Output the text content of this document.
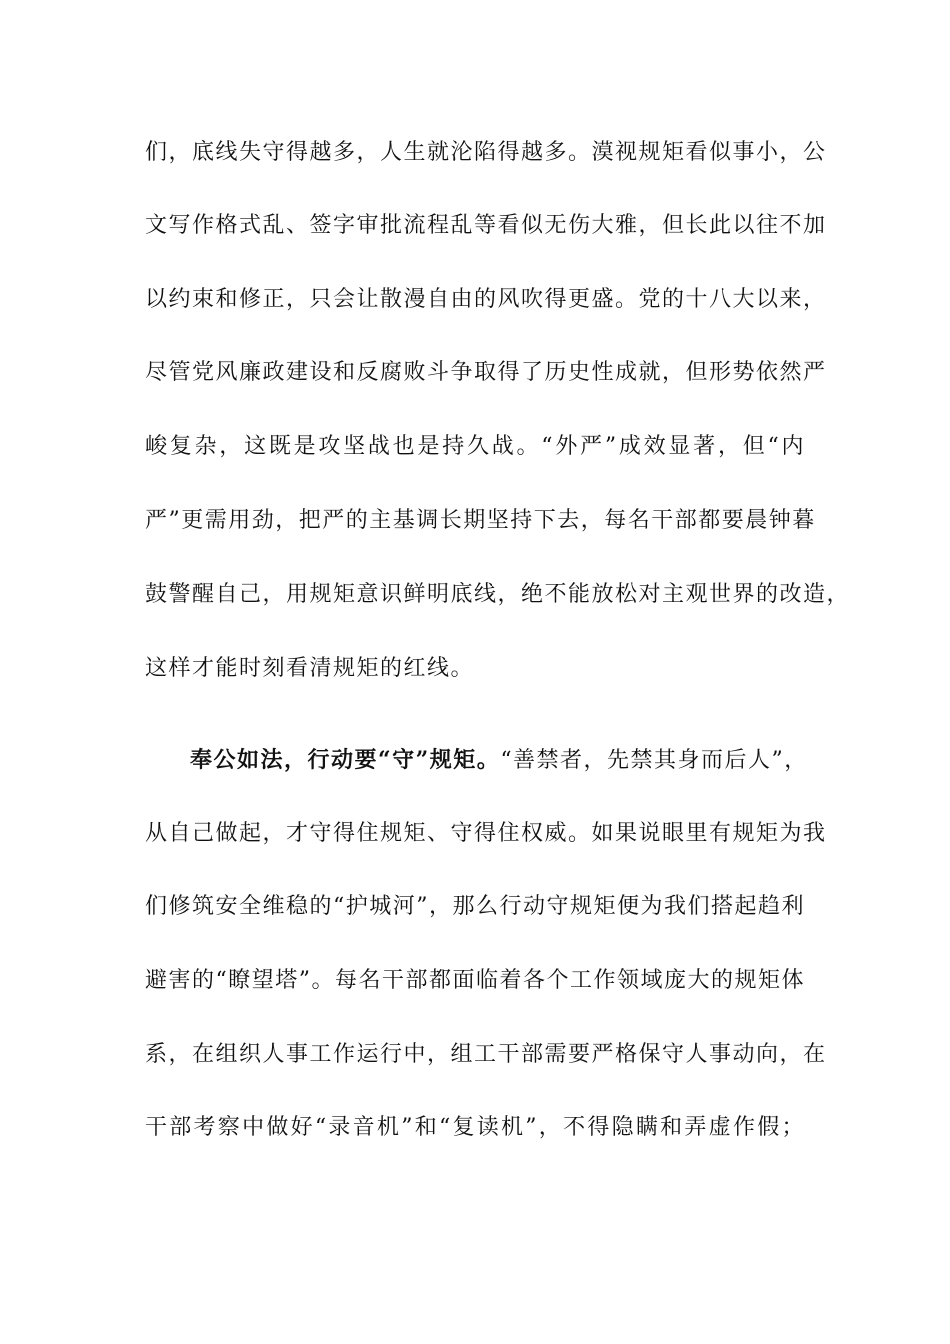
们，底线失守得越多，人生就沦陷得越多。漠视规矩看似事小，公
文写作格式乱、签字审批流程乱等看似无伤大雅，但长此以往不加
以约束和修正，只会让散漫自由的风吹得更盛。党的十八大以来，
尽管党风廉政建设和反腐败斗争取得了历史性成就，但形势依然严
峻复杂，这既是攻坚战也是持久战。“外严”成效显著，但“内
严”更需用劲，把严的主基调长期坚持下去，每名干部都要晨钟暮
鼓警醒自己，用规矩意识鲜明底线，绝不能放松对主观世界的改造，
这样才能时刻看清规矩的红线。
奉公如法，行动要“守”规矩。“善禁者，先禁其身而后人”，
从自己做起，才守得住规矩、守得住权威。如果说眼里有规矩为我
们修筑安全维稳的“护城河”，那么行动守规矩便为我们搭起趋利
避害的“瞭望塔”。每名干部都面临着各个工作领域庞大的规矩体
系，在组织人事工作运行中，组工干部需要严格保守人事动向，在
干部考察中做好“录音机”和“复读机”，不得隐瞒和弄虚作假；
